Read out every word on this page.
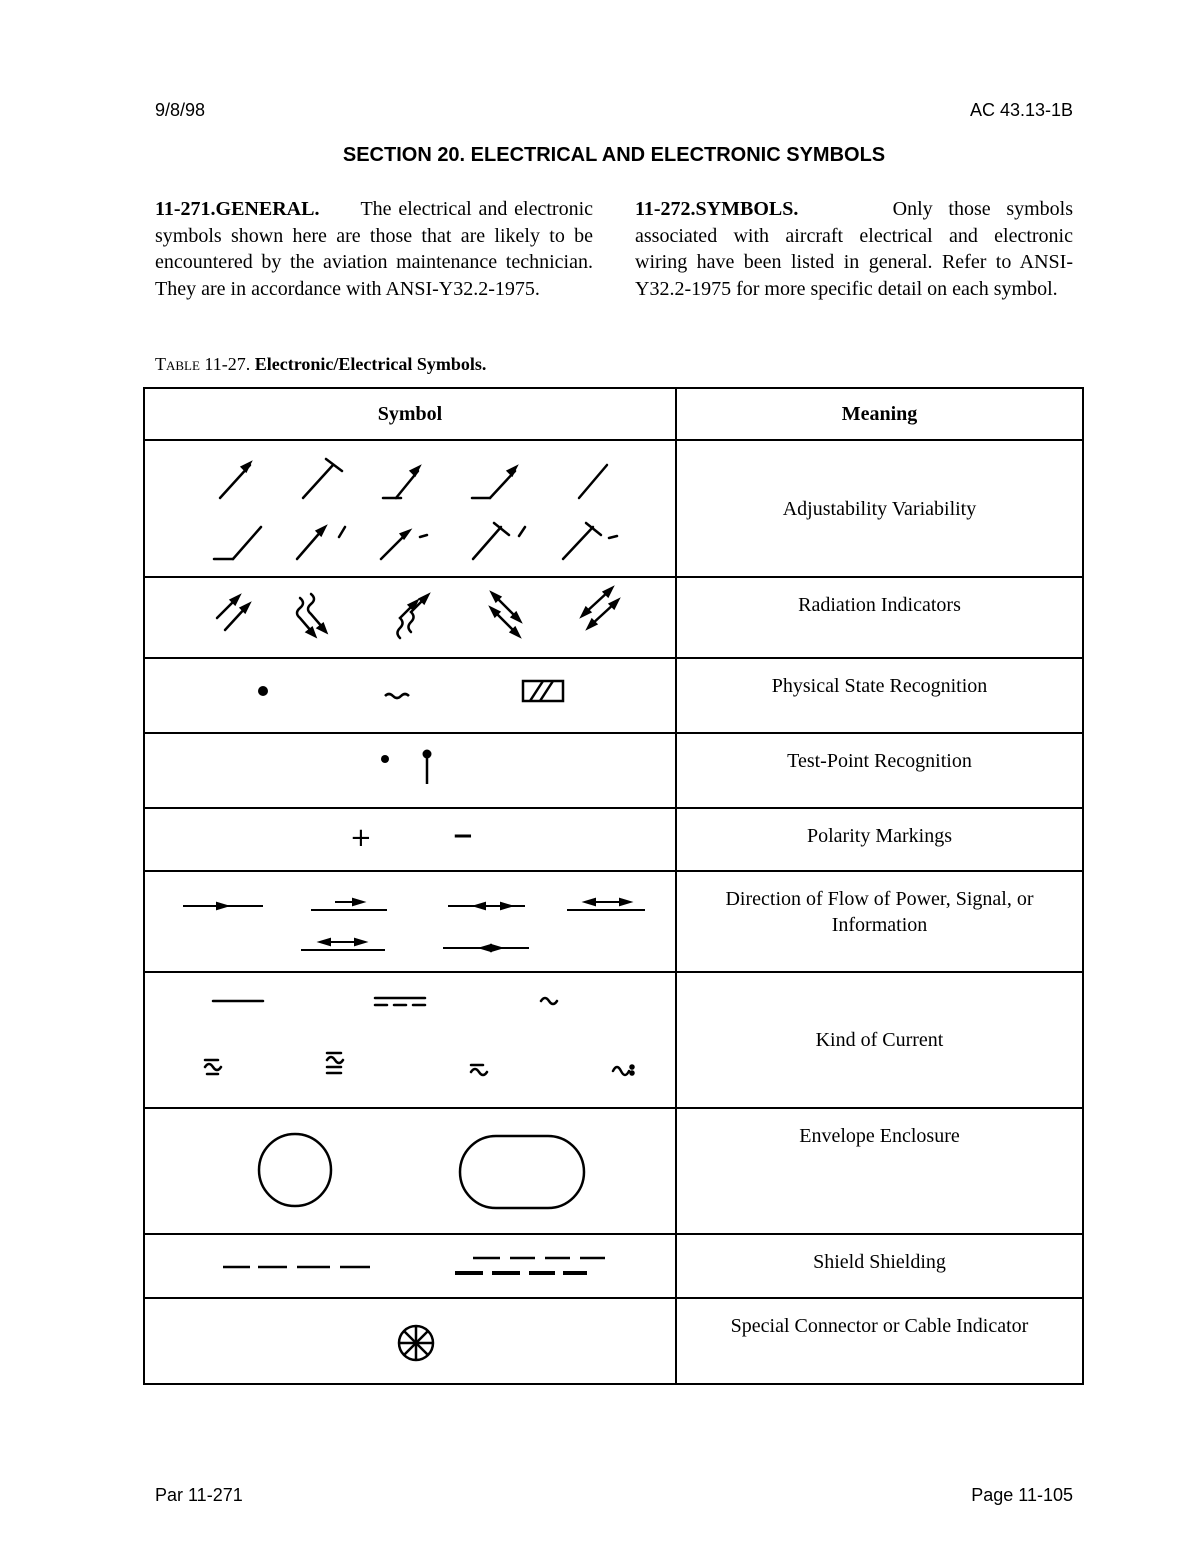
9/8/98	AC 43.13-1B
SECTION 20. ELECTRICAL AND ELECTRONIC SYMBOLS
11-271.GENERAL. The electrical and electronic symbols shown here are those that are likely to be encountered by the aviation maintenance technician. They are in accordance with ANSI-Y32.2-1975.
11-272.SYMBOLS.	Only those symbols associated with aircraft electrical and electronic wiring have been listed in general. Refer to ANSI-Y32.2-1975 for more specific detail on each symbol.
Table 11-27. Electronic/Electrical Symbols.
Symbol	Meaning

	Adjustability Variability

	Radiation Indicators

	Physical State Recognition

	Test-Point Recognition

+ −	Polarity Markings

	Direction of Flow of Power, Signal, or Information

	Kind of Current

	Envelope Enclosure

	Shield Shielding

	Special Connector or Cable Indicator
Par 11-271	Page 11-105
